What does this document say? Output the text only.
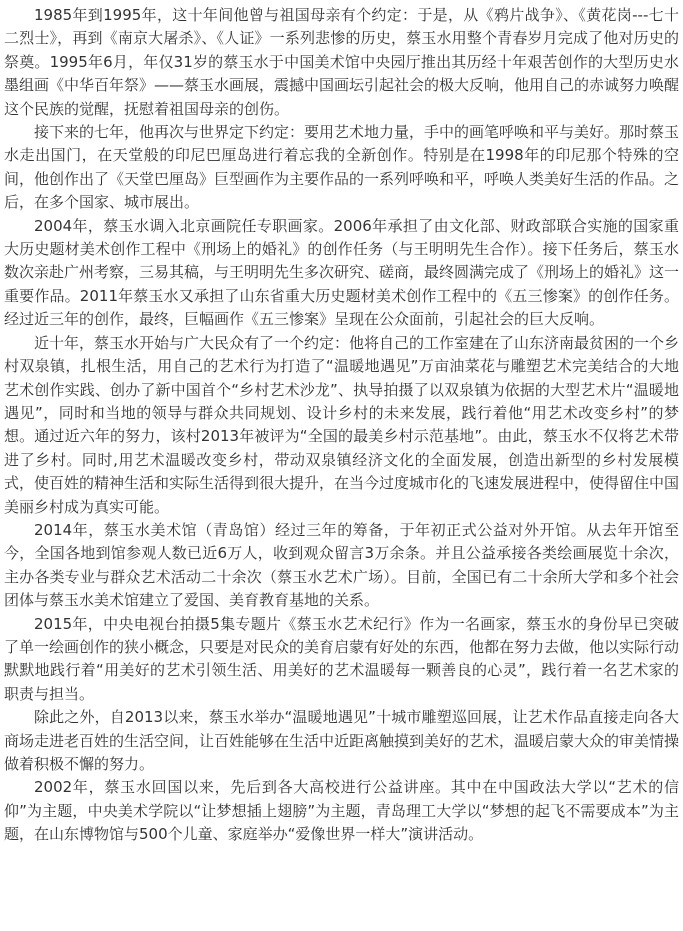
1985年到1995年，这十年间他曾与祖国母亲有个约定：于是，从《鸦片战争》、《黄花岗---七十二烈士》，再到《南京大屠杀》、《人证》一系列悲惨的历史，蔡玉水用整个青春岁月完成了他对历史的祭奠。1995年6月，年仅31岁的蔡玉水于中国美术馆中央园厅推出其历经十年艰苦创作的大型历史水墨组画《中华百年祭》——蔡玉水画展，震撼中国画坛引起社会的极大反响，他用自己的赤诚努力唤醒这个民族的觉醒，抚慰着祖国母亲的创伤。

接下来的七年，他再次与世界定下约定：要用艺术地力量，手中的画笔呼唤和平与美好。那时蔡玉水走出国门，在天堂般的印尼巴厘岛进行着忘我的全新创作。特别是在1998年的印尼那个特殊的空间，他创作出了《天堂巴厘岛》巨型画作为主要作品的一系列呼唤和平，呼唤人类美好生活的作品。之后，在多个国家、城市展出。

2004年，蔡玉水调入北京画院任专职画家。2006年承担了由文化部、财政部联合实施的国家重大历史题材美术创作工程中《刑场上的婚礼》的创作任务（与王明明先生合作）。接下任务后，蔡玉水数次亲赴广州考察，三易其稿，与王明明先生多次研究、磋商，最终圆满完成了《刑场上的婚礼》这一重要作品。2011年蔡玉水又承担了山东省重大历史题材美术创作工程中的《五三惨案》的创作任务。经过近三年的创作，最终，巨幅画作《五三惨案》呈现在公众面前，引起社会的巨大反响。

近十年，蔡玉水开始与广大民众有了一个约定：他将自己的工作室建在了山东济南最贫困的一个乡村双泉镇，扎根生活，用自己的艺术行为打造了“温暖地遇见”万亩油菜花与雕塑艺术完美结合的大地艺术创作实践、创办了新中国首个“乡村艺术沙龙”、执导拍摄了以双泉镇为依据的大型艺术片“温暖地遇见”，同时和当地的领导与群众共同规划、设计乡村的未来发展，践行着他“用艺术改变乡村”的梦想。通过近六年的努力，该村2013年被评为“全国的最美乡村示范基地”。由此，蔡玉水不仅将艺术带进了乡村。同时,用艺术温暖改变乡村，带动双泉镇经济文化的全面发展，创造出新型的乡村发展模式，使百姓的精神生活和实际生活得到很大提升，在当今过度城市化的飞速发展进程中，使得留住中国美丽乡村成为真实可能。

2014年，蔡玉水美术馆（青岛馆）经过三年的筹备，于年初正式公益对外开馆。从去年开馆至今，全国各地到馆参观人数已近6万人，收到观众留言3万余条。并且公益承接各类绘画展览十余次，主办各类专业与群众艺术活动二十余次（蔡玉水艺术广场）。目前，全国已有二十余所大学和多个社会团体与蔡玉水美术馆建立了爱国、美育教育基地的关系。

2015年，中央电视台拍摄5集专题片《蔡玉水艺术纪行》作为一名画家，蔡玉水的身份早已突破了单一绘画创作的狭小概念，只要是对民众的美育启蒙有好处的东西，他都在努力去做，他以实际行动默默地践行着“用美好的艺术引领生活、用美好的艺术温暖每一颗善良的心灵”，践行着一名艺术家的职责与担当。

除此之外，自2013以来，蔡玉水举办“温暖地遇见”十城市雕塑巡回展，让艺术作品直接走向各大商场走进老百姓的生活空间，让百姓能够在生活中近距离触摸到美好的艺术，温暖启蒙大众的审美情操做着积极不懈的努力。

2002年，蔡玉水回国以来，先后到各大高校进行公益讲座。其中在中国政法大学以“艺术的信仰”为主题，中央美术学院以“让梦想插上翅膀”为主题，青岛理工大学以“梦想的起飞不需要成本”为主题，在山东博物馆与500个儿童、家庭举办“爱像世界一样大”演讲活动。
